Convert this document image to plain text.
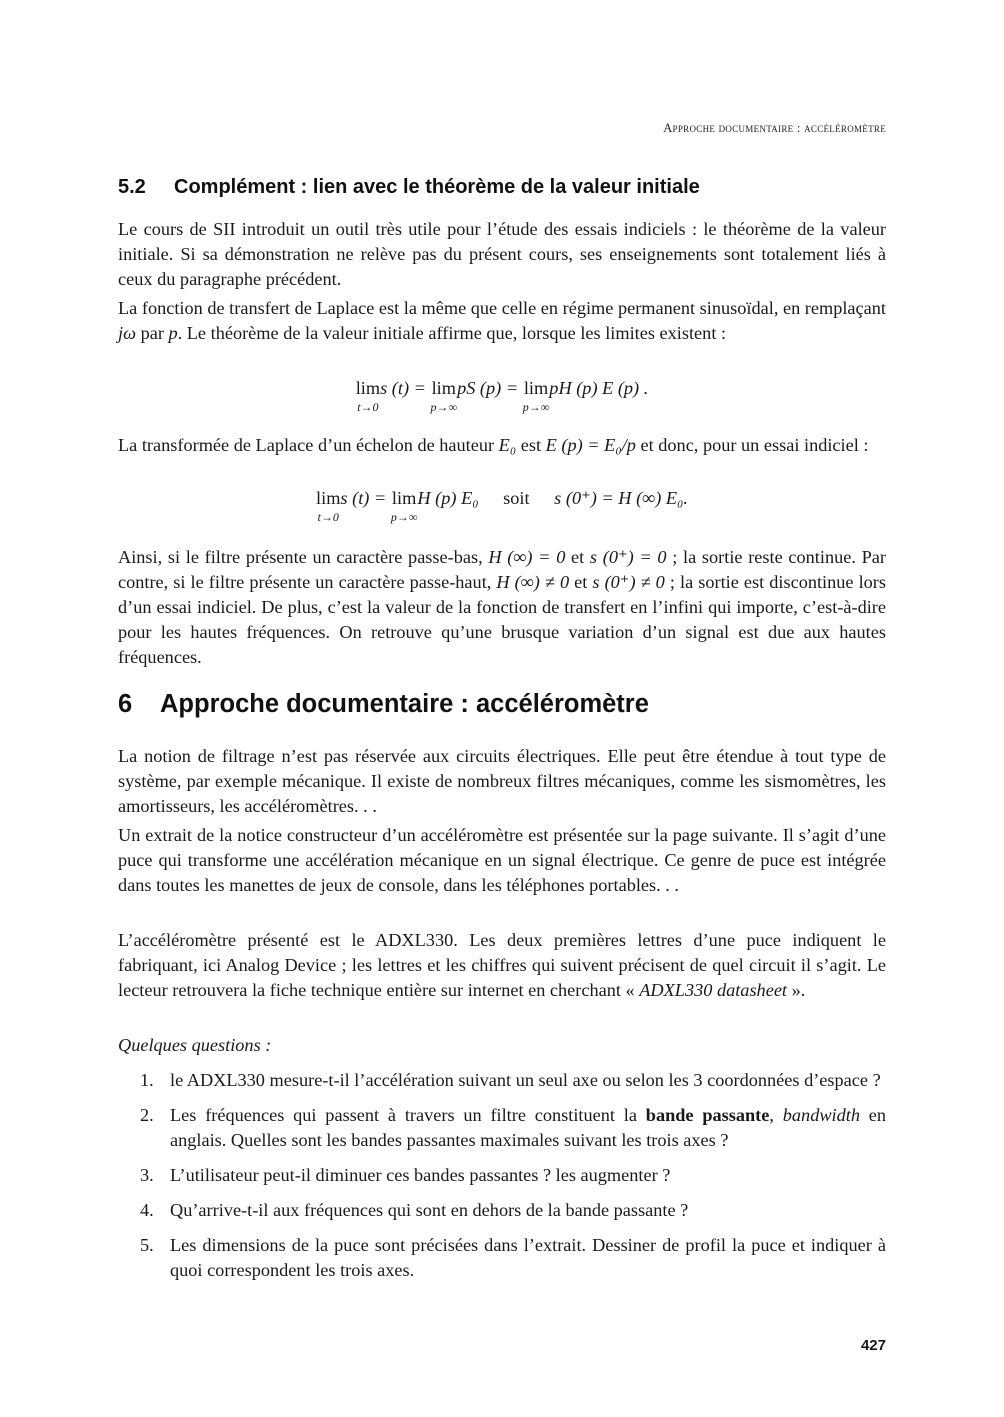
Approche documentaire : accéléromètre
5.2 Complément : lien avec le théorème de la valeur initiale

Le cours de SII introduit un outil très utile pour l’étude des essais indiciels : le théorème de la valeur initiale. Si sa démonstration ne relève pas du présent cours, ses enseignements sont totalement liés à ceux du paragraphe précédent.

La fonction de transfert de Laplace est la même que celle en régime permanent sinusoïdal, en remplaçant jω par p. Le théorème de la valeur initiale affirme que, lorsque les limites existent :

lim
t→0
s (t) = lim
p→∞
pS (p) = lim
p→∞
pH (p) E (p) .

La transformée de Laplace d’un échelon de hauteur E₀ est E (p) = E₀/p et donc, pour un essai indiciel :

lim
t→0
s (t) = lim
p→∞
H (p) E₀ soit s (0⁺) = H (∞) E₀.

Ainsi, si le filtre présente un caractère passe-bas, H (∞) = 0 et s (0⁺) = 0 ; la sortie reste continue. Par contre, si le filtre présente un caractère passe-haut, H (∞) ≠ 0 et s (0⁺) ≠ 0 ; la sortie est discontinue lors d’un essai indiciel. De plus, c’est la valeur de la fonction de transfert en l’infini qui importe, c’est-à-dire pour les hautes fréquences. On retrouve qu’une brusque variation d’un signal est due aux hautes fréquences.

6 Approche documentaire : accéléromètre

La notion de filtrage n’est pas réservée aux circuits électriques. Elle peut être étendue à tout type de système, par exemple mécanique. Il existe de nombreux filtres mécaniques, comme les sismomètres, les amortisseurs, les accéléromètres. . .

Un extrait de la notice constructeur d’un accéléromètre est présentée sur la page suivante. Il s’agit d’une puce qui transforme une accélération mécanique en un signal électrique. Ce genre de puce est intégrée dans toutes les manettes de jeux de console, dans les téléphones portables. . .

L’accéléromètre présenté est le ADXL330. Les deux premières lettres d’une puce indiquent le fabriquant, ici Analog Device ; les lettres et les chiffres qui suivent précisent de quel circuit il s’agit. Le lecteur retrouvera la fiche technique entière sur internet en cherchant « ADXL330 datasheet ».

Quelques questions :
1. le ADXL330 mesure-t-il l’accélération suivant un seul axe ou selon les 3 coordonnées d’espace ?
2. Les fréquences qui passent à travers un filtre constituent la bande passante, bandwidth en anglais. Quelles sont les bandes passantes maximales suivant les trois axes ?
3. L’utilisateur peut-il diminuer ces bandes passantes ? les augmenter ?
4. Qu’arrive-t-il aux fréquences qui sont en dehors de la bande passante ?
5. Les dimensions de la puce sont précisées dans l’extrait. Dessiner de profil la puce et indiquer à quoi correspondent les trois axes.
427
